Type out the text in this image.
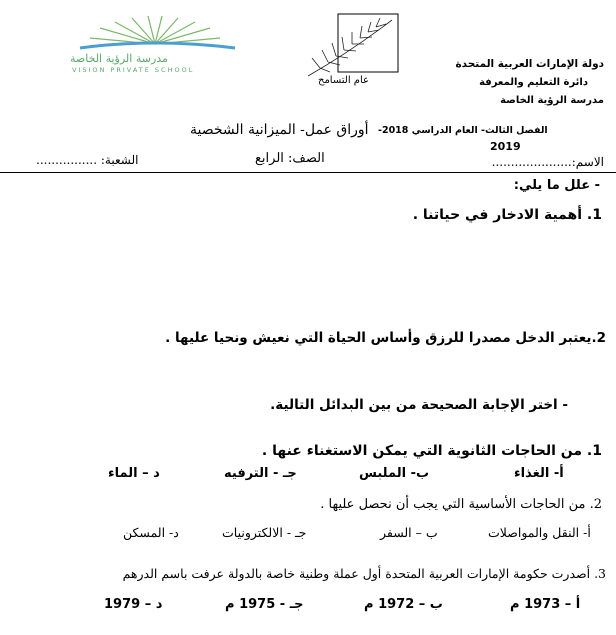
دولة الإمارات العربية المتحدة
دائرة التعليم والمعرفة
مدرسة الرؤية الخاصة
مدرسة الرؤية الخاصة
VISION PRIVATE SCHOOL
عام التسامح
أوراق عمل- الميزانية الشخصية الفصل الثالث- العام الدراسي 2018-
2019
الاسم:.....................
الصف: الرابع
الشعبة: ................
- علل ما يلي:
1. أهمية الادخار في حياتنا .
2.يعتبر الدخل مصدرا للرزق وأساس الحياة التي نعيش ونحيا عليها .
- اختر الإجابة الصحيحة من بين البدائل التالية.
1. من الحاجات الثانوية التي يمكن الاستغناء عنها .
أ- الغذاء
ب- الملبس
جـ - الترفيه
د – الماء
2. من الحاجات الأساسية التي يجب أن نحصل عليها .
أ- النقل والمواصلات
ب – السفر
جـ - الالكترونيات
د- المسكن
3. أصدرت حكومة الإمارات العربية المتحدة أول عملة وطنية خاصة بالدولة عرفت باسم الدرهم
أ – 1973 م
ب – 1972 م
جـ - 1975 م
د – 1979
